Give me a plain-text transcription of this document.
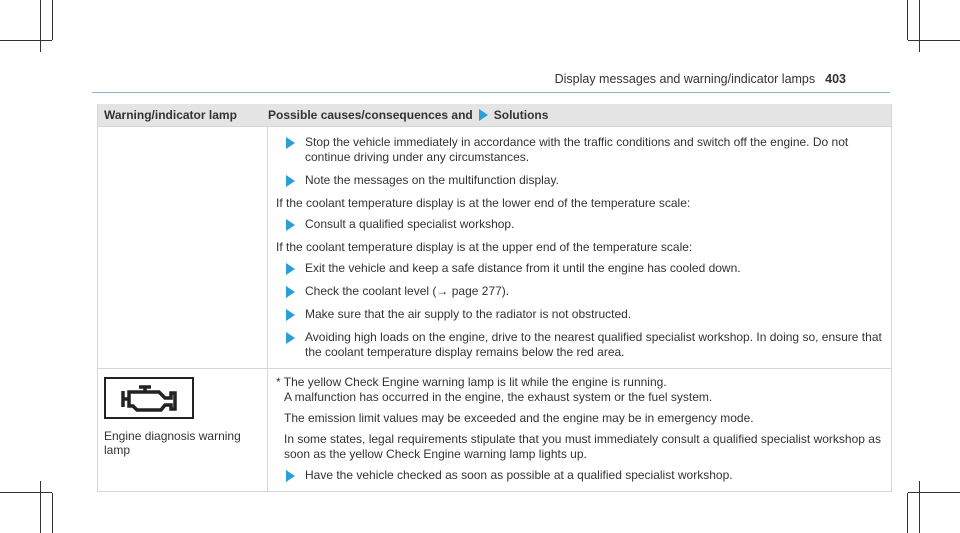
Display messages and warning/indicator lamps 403
Warning/indicator lamp	Possible causes/consequences and Solutions
Stop the vehicle immediately in accordance with the traffic conditions and switch off the engine. Do not continue driving under any circumstances.
Note the messages on the multifunction display.
If the coolant temperature display is at the lower end of the temperature scale:
Consult a qualified specialist workshop.
If the coolant temperature display is at the upper end of the temperature scale:
Exit the vehicle and keep a safe distance from it until the engine has cooled down.
Check the coolant level (→ page 277).
Make sure that the air supply to the radiator is not obstructed.
Avoiding high loads on the engine, drive to the nearest qualified specialist workshop. In doing so, ensure that the coolant temperature display remains below the red area.
Engine diagnosis warning lamp
* The yellow Check Engine warning lamp is lit while the engine is running.
A malfunction has occurred in the engine, the exhaust system or the fuel system.
The emission limit values may be exceeded and the engine may be in emergency mode.
In some states, legal requirements stipulate that you must immediately consult a qualified specialist workshop as soon as the yellow Check Engine warning lamp lights up.
Have the vehicle checked as soon as possible at a qualified specialist workshop.
